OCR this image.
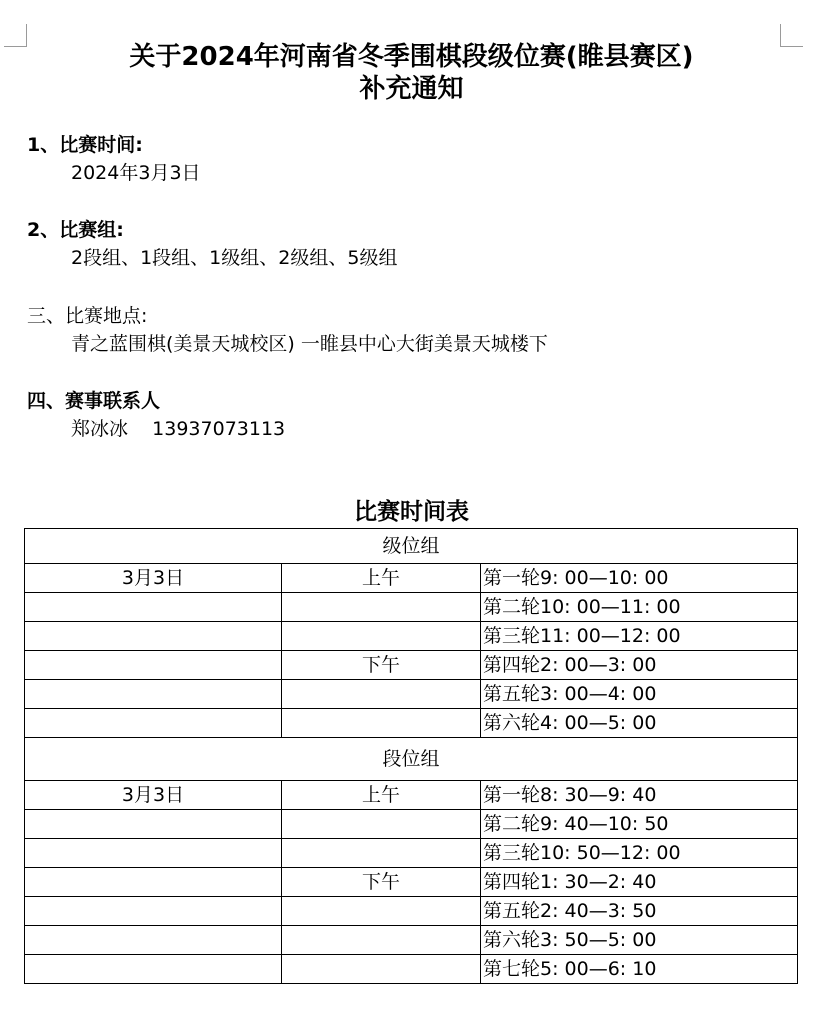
关于2024年河南省冬季围棋段级位赛(睢县赛区)
补充通知
1、比赛时间:
2024年3月3日
2、比赛组:
2段组、1段组、1级组、2级组、5级组
三、比赛地点:
青之蓝围棋(美景天城校区) 一睢县中心大街美景天城楼下
四、赛事联系人
郑冰冰    13937073113
比赛时间表
级位组		
3月3日	上午	第一轮9: 00—10: 00
		第二轮10: 00—11: 00
		第三轮11: 00—12: 00
	下午	第四轮2: 00—3: 00
		第五轮3: 00—4: 00
		第六轮4: 00—5: 00
段位组		
3月3日	上午	第一轮8: 30—9: 40
		第二轮9: 40—10: 50
		第三轮10: 50—12: 00
	下午	第四轮1: 30—2: 40
		第五轮2: 40—3: 50
		第六轮3: 50—5: 00
		第七轮5: 00—6: 10
